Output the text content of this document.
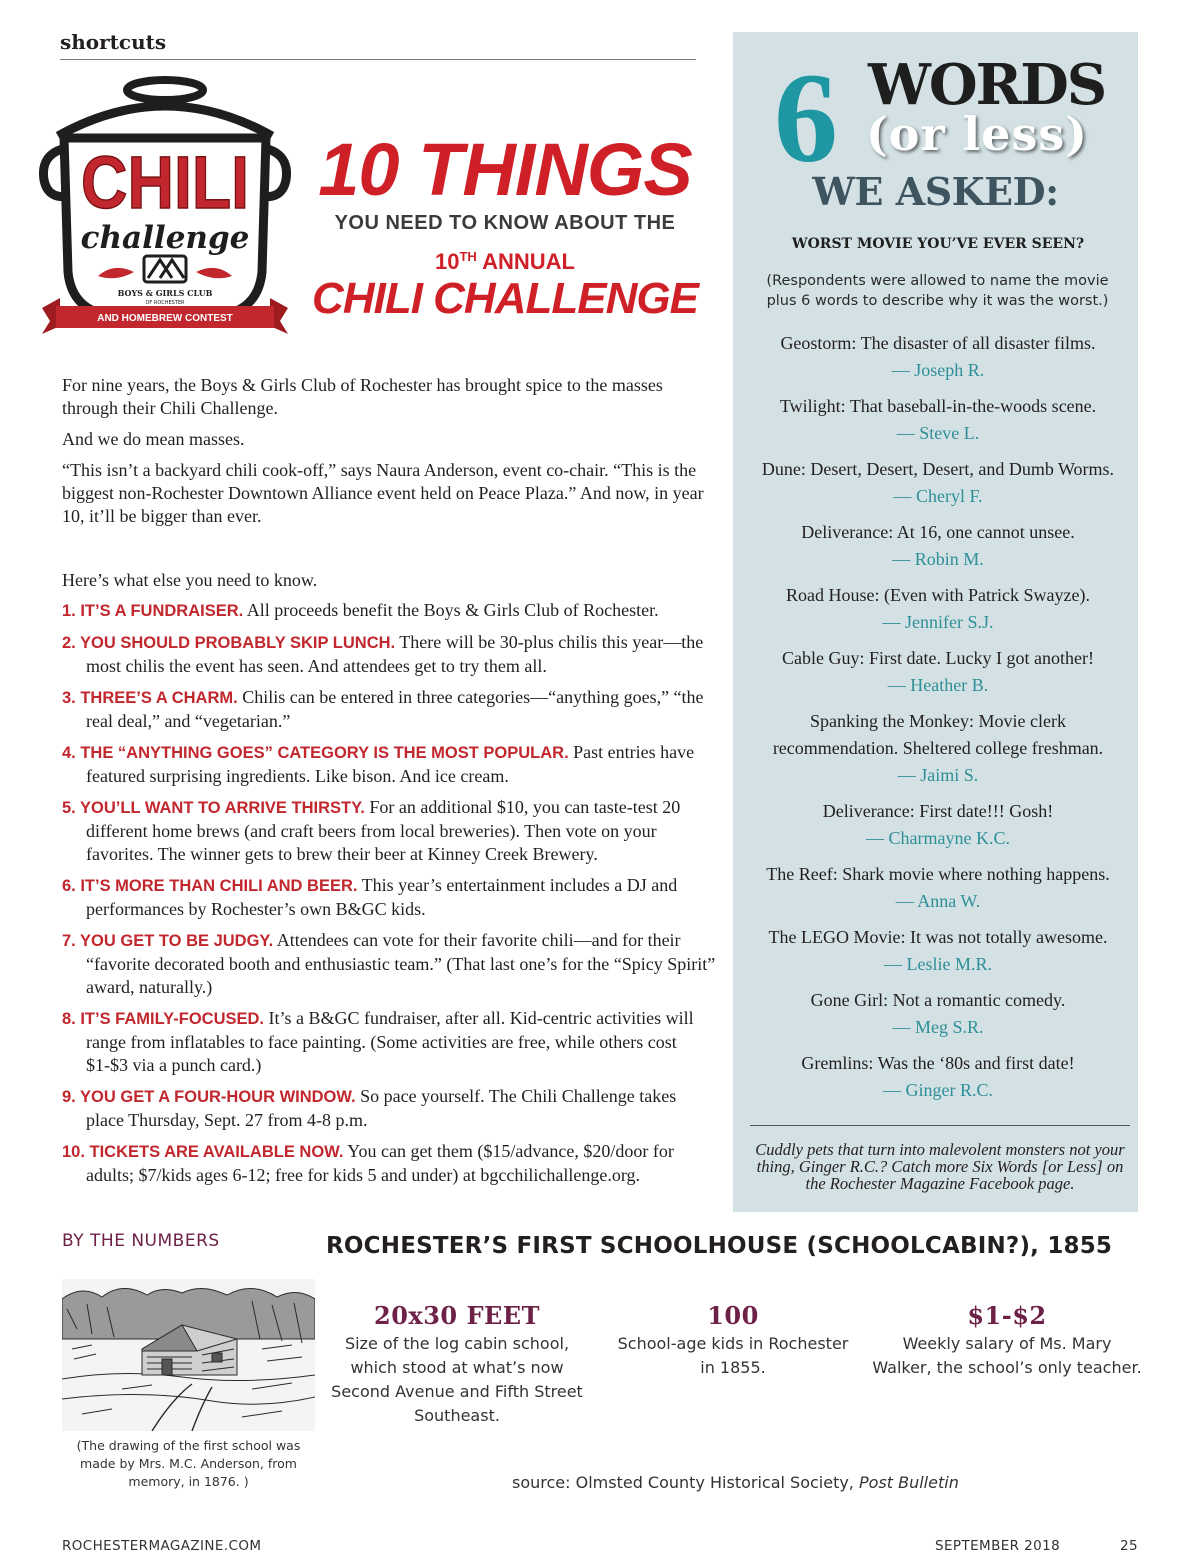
shortcuts
CHILI
challenge
BOYS & GIRLS CLUB
OF ROCHESTER
AND HOMEBREW CONTEST
10 THINGS
YOU NEED TO KNOW ABOUT THE
10TH ANNUAL
CHILI CHALLENGE

For nine years, the Boys & Girls Club of Rochester has brought spice to the masses through their Chili Challenge.

And we do mean masses.

“This isn’t a backyard chili cook-off,” says Naura Anderson, event co-chair. “This is the biggest non-Rochester Downtown Alliance event held on Peace Plaza.” And now, in year 10, it’ll be bigger than ever.

Here’s what else you need to know.
1. IT’S A FUNDRAISER. All proceeds benefit the Boys & Girls Club of Rochester.
2. YOU SHOULD PROBABLY SKIP LUNCH. There will be 30-plus chilis this year—the most chilis the event has seen. And attendees get to try them all.
3. THREE’S A CHARM. Chilis can be entered in three categories—“anything goes,” “the real deal,” and “vegetarian.”
4. THE “ANYTHING GOES” CATEGORY IS THE MOST POPULAR. Past entries have featured surprising ingredients. Like bison. And ice cream.
5. YOU’LL WANT TO ARRIVE THIRSTY. For an additional $10, you can taste-test 20 different home brews (and craft beers from local breweries). Then vote on your favorites. The winner gets to brew their beer at Kinney Creek Brewery.
6. IT’S MORE THAN CHILI AND BEER. This year’s entertainment includes a DJ and performances by Rochester’s own B&GC kids.
7. YOU GET TO BE JUDGY. Attendees can vote for their favorite chili—and for their “favorite decorated booth and enthusiastic team.” (That last one’s for the “Spicy Spirit” award, naturally.)
8. IT’S FAMILY-FOCUSED. It’s a B&GC fundraiser, after all. Kid-centric activities will range from inflatables to face painting. (Some activities are free, while others cost $1-$3 via a punch card.)
9. YOU GET A FOUR-HOUR WINDOW. So pace yourself. The Chili Challenge takes place Thursday, Sept. 27 from 4-8 p.m.
10. TICKETS ARE AVAILABLE NOW. You can get them ($15/advance, $20/door for adults; $7/kids ages 6-12; free for kids 5 and under) at bgcchilichallenge.org.
6 WORDS
(or less)
WE ASKED:
WORST MOVIE YOU’VE EVER SEEN?
(Respondents were allowed to name the movie plus 6 words to describe why it was the worst.)
Geostorm: The disaster of all disaster films.
— Joseph R.
Twilight: That baseball-in-the-woods scene.
— Steve L.
Dune: Desert, Desert, Desert, and Dumb Worms.
— Cheryl F.
Deliverance: At 16, one cannot unsee.
— Robin M.
Road House: (Even with Patrick Swayze).
— Jennifer S.J.
Cable Guy: First date. Lucky I got another!
— Heather B.
Spanking the Monkey: Movie clerk recommendation. Sheltered college freshman.
— Jaimi S.
Deliverance: First date!!! Gosh!
— Charmayne K.C.
The Reef: Shark movie where nothing happens.
— Anna W.
The LEGO Movie: It was not totally awesome.
— Leslie M.R.
Gone Girl: Not a romantic comedy.
— Meg S.R.
Gremlins: Was the ‘80s and first date!
— Ginger R.C.
Cuddly pets that turn into malevolent monsters not your thing, Ginger R.C.? Catch more Six Words [or Less] on the Rochester Magazine Facebook page.
BY THE NUMBERS	ROCHESTER’S FIRST SCHOOLHOUSE (SCHOOLCABIN?), 1855
(The drawing of the first school was made by Mrs. M.C. Anderson, from memory, in 1876. )
20x30 FEET
Size of the log cabin school, which stood at what’s now Second Avenue and Fifth Street Southeast.
100
School-age kids in Rochester in 1855.
$1-$2
Weekly salary of Ms. Mary Walker, the school’s only teacher.
source: Olmsted County Historical Society, Post Bulletin
ROCHESTERMAGAZINE.COM	SEPTEMBER 2018	25
